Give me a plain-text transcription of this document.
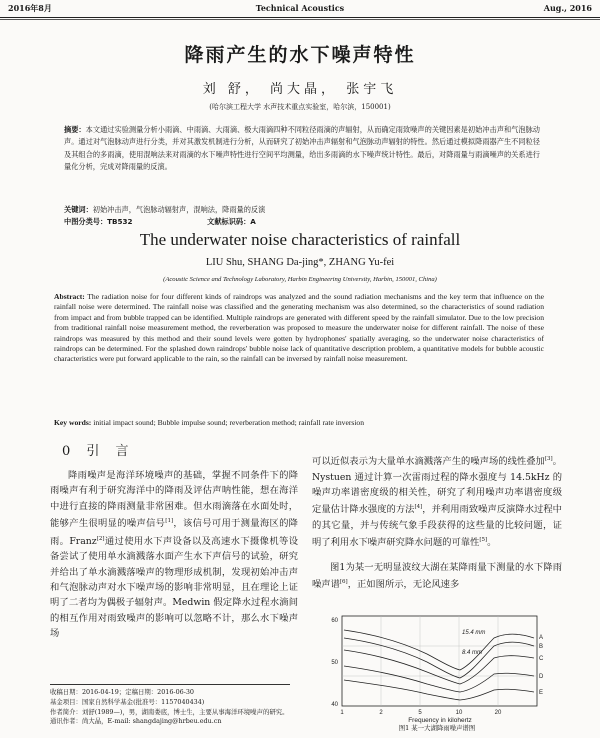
2016年8月	Technical Acoustics	Aug., 2016
降雨产生的水下噪声特性
刘 舒， 尚大晶， 张宇飞
(哈尔滨工程大学 水声技术重点实验室，哈尔滨，150001)
摘要：本文通过实验测量分析小雨滴、中雨滴、大雨滴、极大雨滴四种不同粒径雨滴的声辐射，从而确定雨致噪声的关键因素是初始冲击声和气泡脉动声。通过对气泡脉动声进行分类，并对其激发机制进行分析，从而研究了初始冲击声辐射和气泡脉动声辐射的特性。然后通过模拟降雨器产生不同粒径及其组合的多雨滴，使用混响法来对雨滴的水下噪声特性进行空间平均测量，给出多雨滴的水下噪声统计特性。最后，对降雨量与雨滴噪声的关系进行量化分析，完成对降雨量的反演。
关键词：初始冲击声，气泡脉动辐射声，混响法，降雨量的反演
中图分类号：TB532	文献标识码：A
The underwater noise characteristics of rainfall
LIU Shu, SHANG Da-jing*, ZHANG Yu-fei
(Acoustic Science and Technology Laboratory, Harbin Engineering University, Harbin, 150001, China)
Abstract: The radiation noise for four different kinds of raindrops was analyzed and the sound radiation mechanisms and the key term that influence on the rainfall noise were determined. The rainfall noise was classified and the generating mechanism was also determined, so the characteristics of sound radiation from impact and from bubble trapped can be identified. Multiple raindrops are generated with different speed by the rainfall simulator. Due to the low precision from traditional rainfall noise measurement method, the reverberation was proposed to measure the underwater noise for different rainfall. The noise of these raindrops was measured by this method and their sound levels were gotten by hydrophones' spatially averaging, so the underwater noise characteristics of raindrops can be determined. For the splashed down raindrops' bubble noise lack of quantitative description problem, a quantitative models for bubble acoustic characteristics were put forward applicable to the rain, so the rainfall can be inversed by rainfall noise measurement.
Key words: initial impact sound; Bubble impulse sound; reverberation method; rainfall rate inversion
0 引 言
降雨噪声是海洋环境噪声的基础，掌握不同条件下的降雨噪声有利于研究海洋中的降雨及评估声呐性能，想在海洋中进行直接的降雨测量非常困难。但水雨滴落在水面处时，能够产生很明显的噪声信号[1]，该信号可用于测量海区的降雨。Franz[2]通过使用水下声设备以及高速水下摄像机等设备尝试了使用单水滴溅落水面产生水下声信号的试验，研究并给出了单水滴溅落噪声的物理形成机制，发现初始冲击声和气泡脉动声对水下噪声场的影响非常明显，且在理论上证明了二者均为偶极子辐射声。Medwin 假定降水过程水滴间的相互作用对雨致噪声的影响可以忽略不计，那么水下噪声场
可以近似表示为大量单水滴溅落产生的噪声场的线性叠加[3]。Nystuen 通过计算一次雷雨过程的降水强度与 14.5kHz 的噪声功率谱密度级的相关性，研究了利用噪声功率谱密度级定量估计降水强度的方法[4]，并利用雨致噪声反演降水过程中的其它量，并与传统气象手段获得的这些量的比较问题，证明了利用水下噪声研究降水问题的可靠性[5]。
图1为某一无明显波纹大湖在某降雨量下测量的水下降雨噪声谱[6]，正如图所示，无论风速多
60
50
40
1	2	5	10	20
Frequency in kilohertz
A
B
C
D
E
15.4 mm
8.4 mm
图1 某一大湖降雨噪声谱图
收稿日期：2016-04-19；定稿日期：2016-06-30
基金项目：国家自然科学基金(批准号：1157040434)
作者简介：刘舒(1989—)，男，湖南娄底，博士生，主要从事海洋环境噪声的研究。
通讯作者：尚大晶，E-mail: shangdajing@hrbeu.edu.cn
